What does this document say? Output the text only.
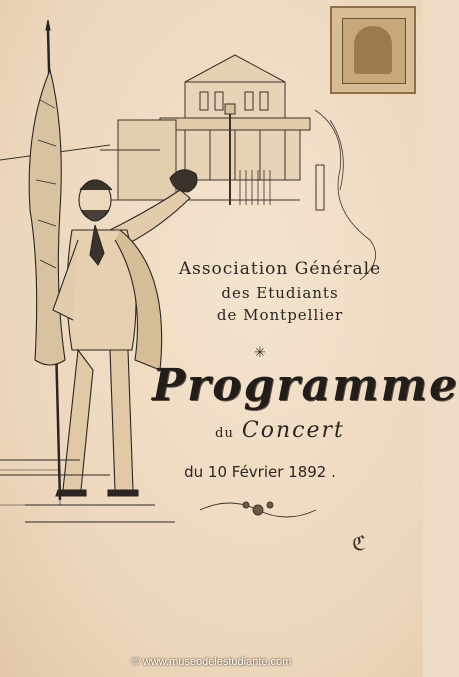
Association Générale
des Etudiants
de Montpellier
✳
Programme
du Concert
du 10 Février 1892 .
ℭ
© www.museodelestudiante.com
